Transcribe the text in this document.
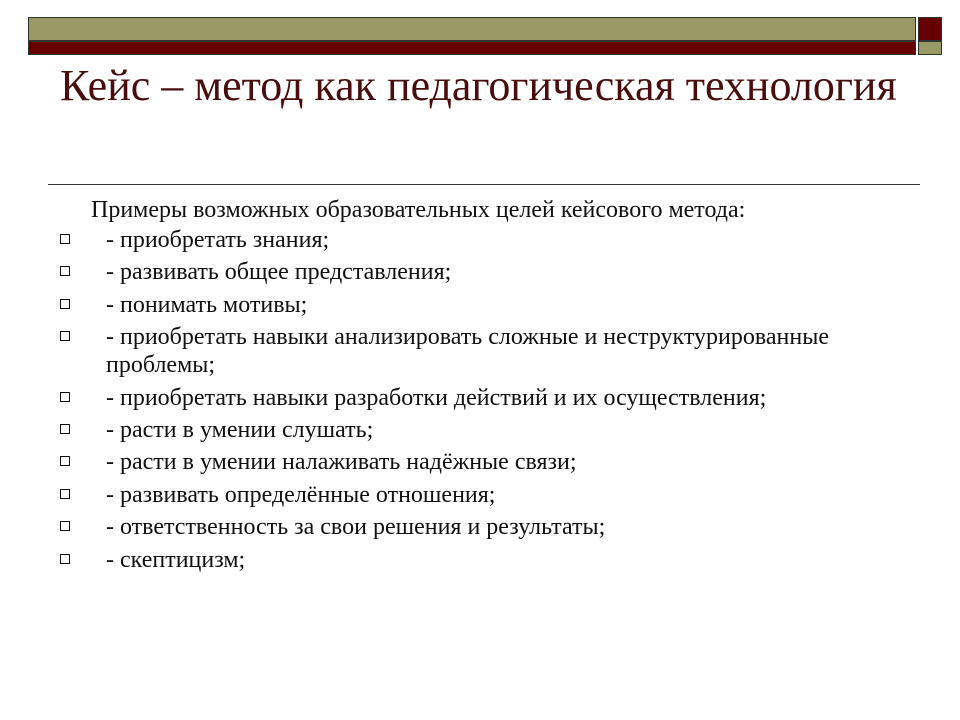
Кейс – метод как педагогическая технология
Примеры возможных образовательных целей кейсового метода:
- приобретать знания;
- развивать общее представления;
- понимать мотивы;
- приобретать навыки анализировать сложные и неструктурированные проблемы;
- приобретать навыки разработки действий и их осуществления;
- расти в умении слушать;
- расти в умении налаживать надёжные связи;
- развивать определённые отношения;
- ответственность за свои решения и результаты;
- скептицизм;
